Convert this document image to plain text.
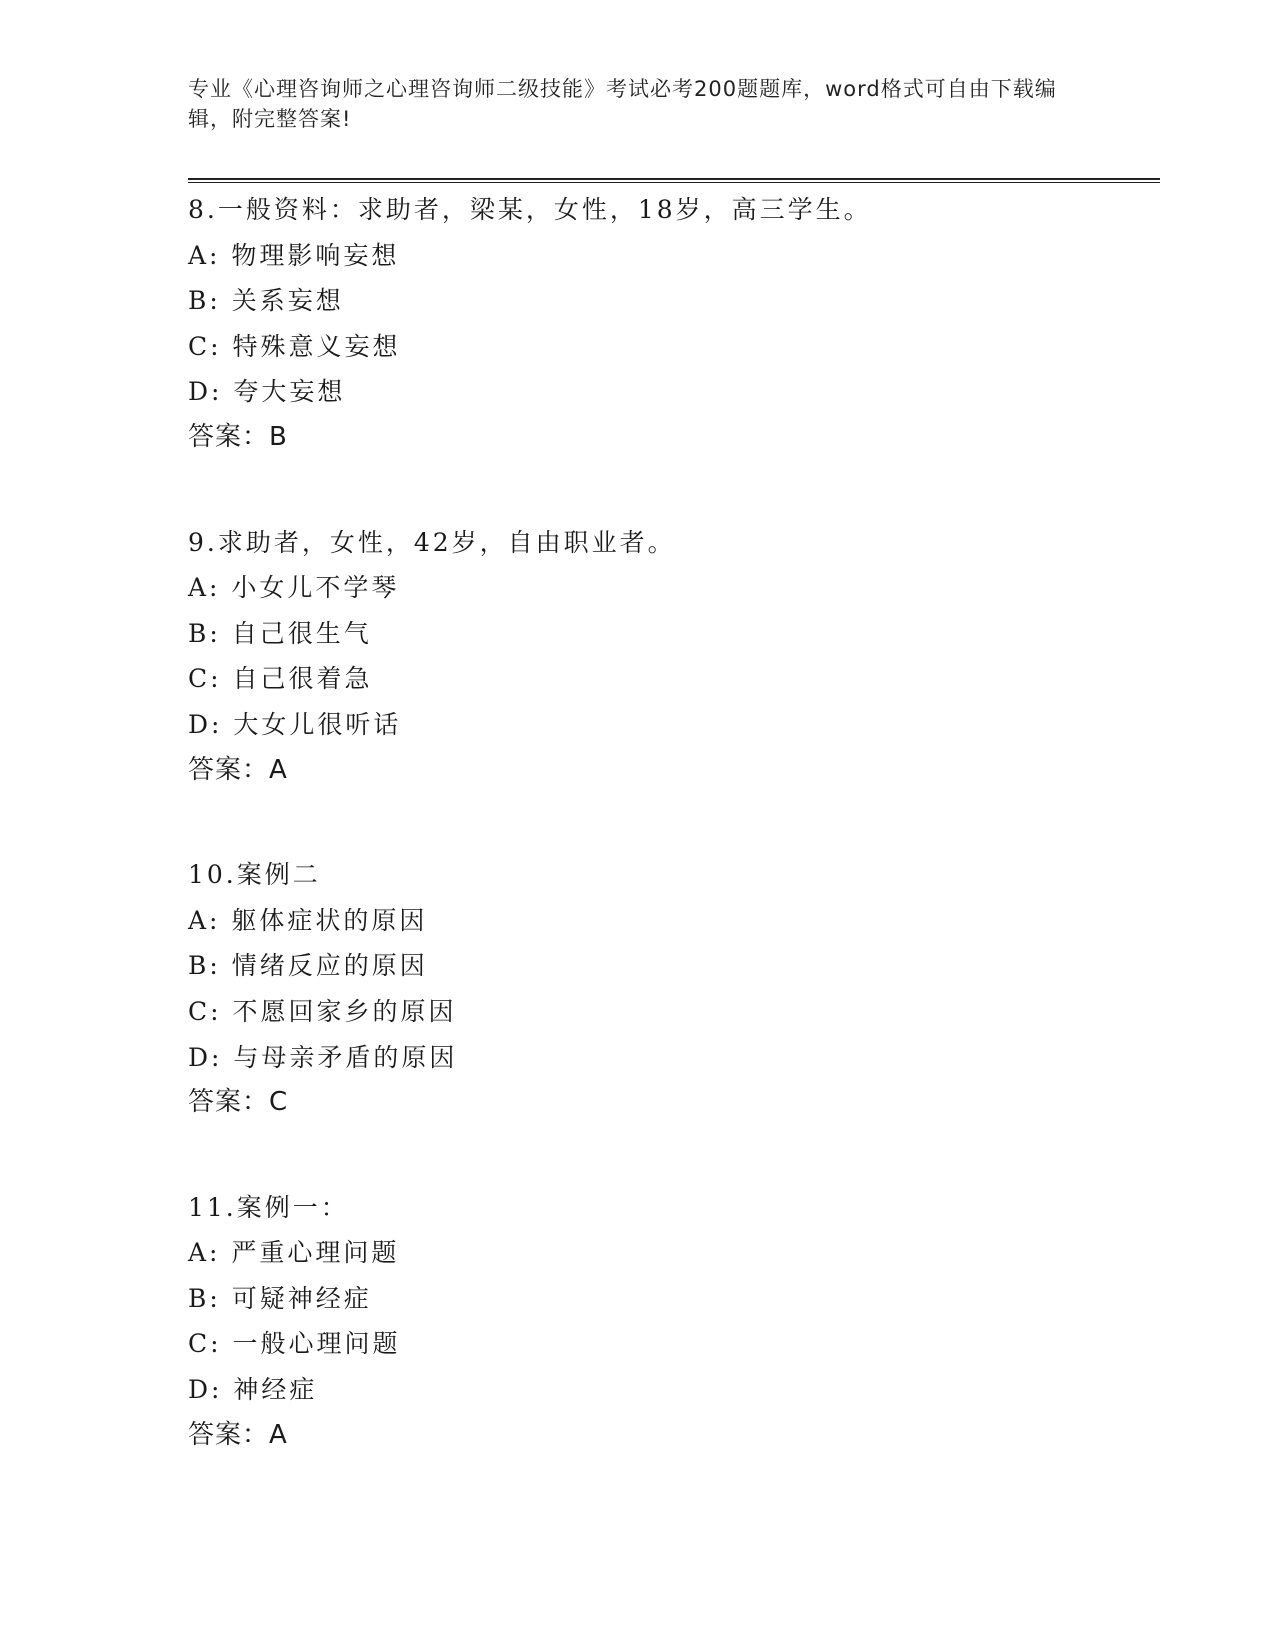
专业《心理咨询师之心理咨询师二级技能》考试必考200题题库，word格式可自由下载编辑，附完整答案!
8.一般资料：求助者，梁某，女性，18岁，高三学生。
A: 物理影响妄想
B: 关系妄想
C: 特殊意义妄想
D: 夸大妄想
答案：B
9.求助者，女性，42岁，自由职业者。
A: 小女儿不学琴
B: 自己很生气
C: 自己很着急
D: 大女儿很听话
答案：A
10.案例二
A: 躯体症状的原因
B: 情绪反应的原因
C: 不愿回家乡的原因
D: 与母亲矛盾的原因
答案：C
11.案例一：
A: 严重心理问题
B: 可疑神经症
C: 一般心理问题
D: 神经症
答案：A
